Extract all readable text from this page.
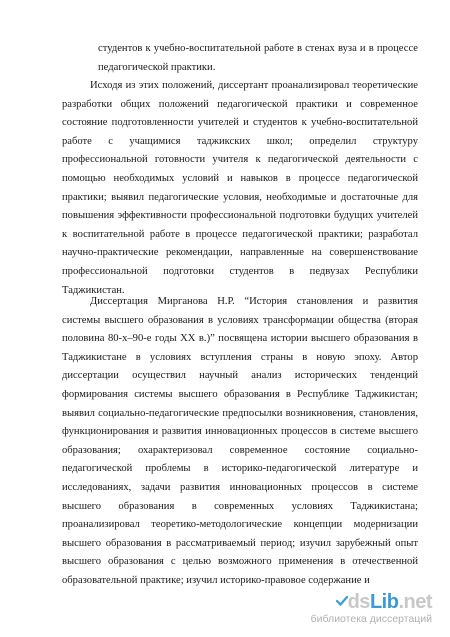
студентов к учебно-воспитательной работе в стенах вуза и в процессе
педагогической практики.
Исходя из этих положений, диссертант проанализировал теоретические
разработки общих положений педагогической практики и современное
состояние подготовленности учителей и студентов к учебно-воспитательной
работе с учащимися таджикских школ; определил структуру
профессиональной готовности учителя к педагогической деятельности с
помощью необходимых условий и навыков в процессе педагогической
практики; выявил педагогические условия, необходимые и достаточные для
повышения эффективности профессиональной подготовки будущих учителей
к воспитательной работе в процессе педагогической практики; разработал
научно-практические рекомендации, направленные на совершенствование
профессиональной подготовки студентов в педвузах Республики
Таджикистан.
Диссертация Мирганова Н.Р. “История становления и развития
системы высшего образования в условиях трансформации общества (вторая
половина 80-х–90-е годы ХХ в.)” посвящена истории высшего образования в
Таджикистане в условиях вступления страны в новую эпоху. Автор
диссертации осуществил научный анализ исторических тенденций
формирования системы высшего образования в Республике Таджикистан;
выявил социально-педагогические предпосылки возникновения, становления,
функционирования и развития инновационных процессов в системе высшего
образования; охарактеризовал современное состояние социально-
педагогической проблемы в историко-педагогической литературе и
исследованиях, задачи развития инновационных процессов в системе
высшего образования в современных условиях Таджикистана;
проанализировал теоретико-методологические концепции модернизации
высшего образования в рассматриваемый период; изучил зарубежный опыт
высшего образования с целью возможного применения в отечественной
образовательной практике; изучил историко-правовое содержание и
dsLib.net
библиотека диссертаций
